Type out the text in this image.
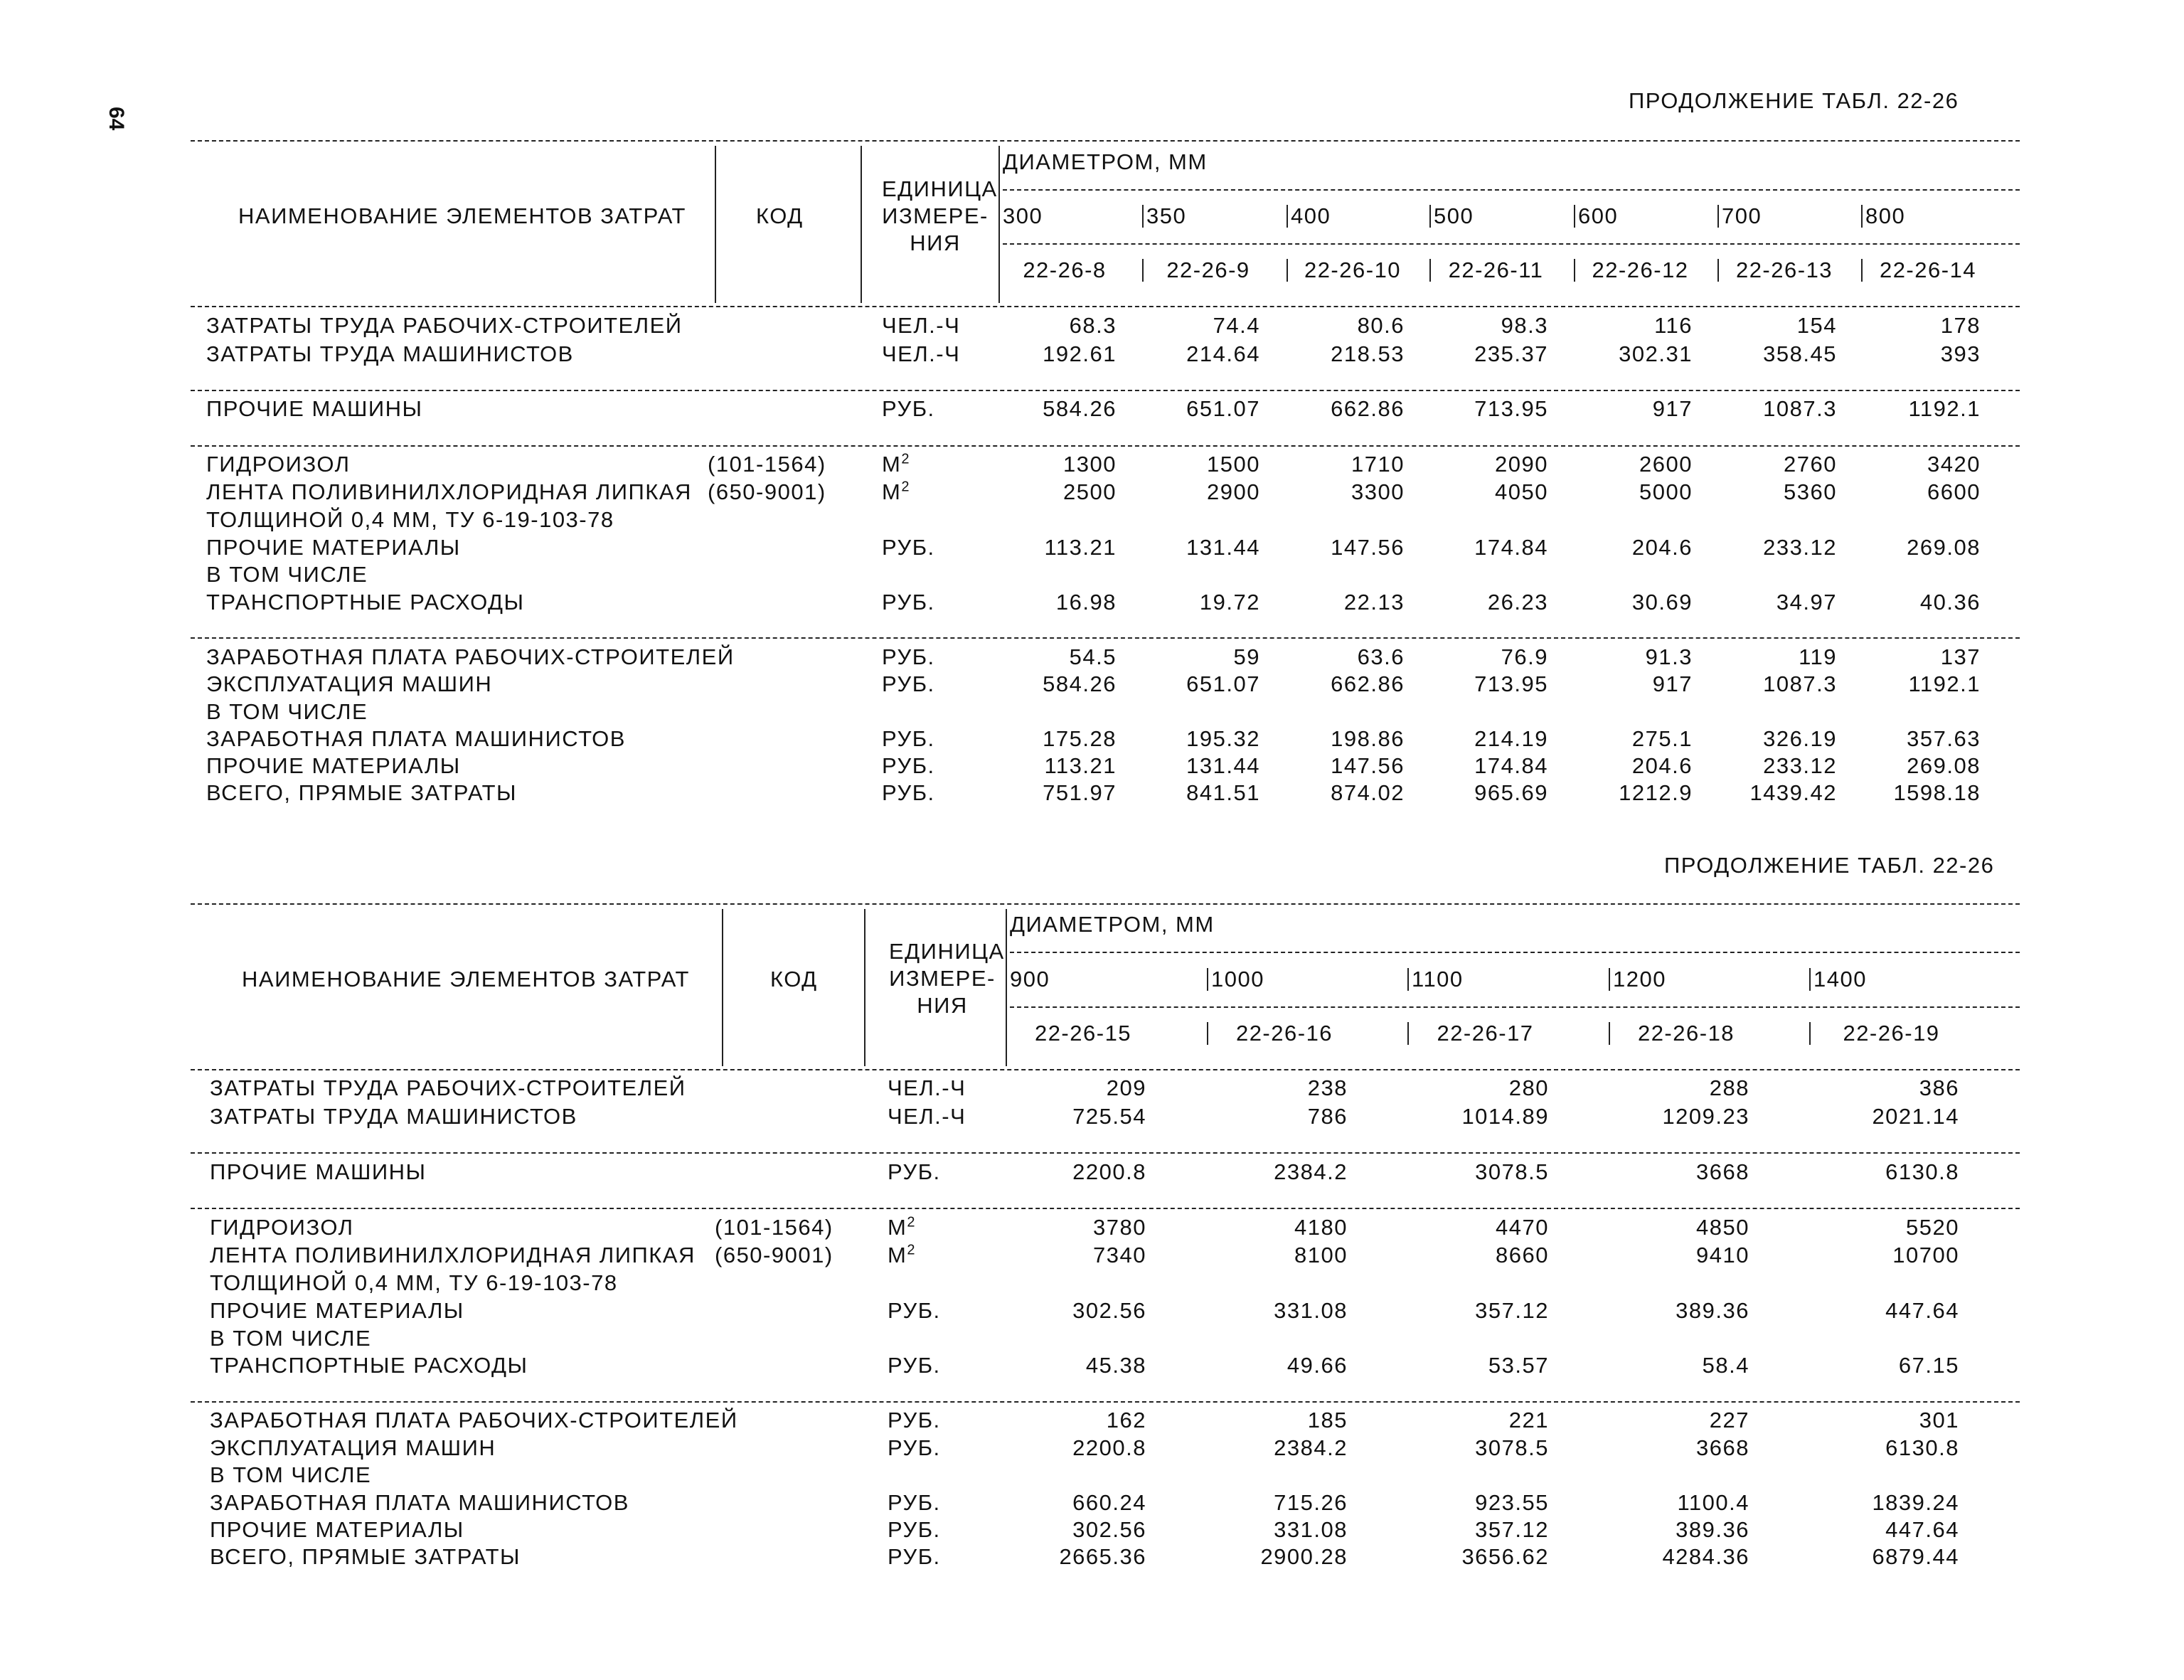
64
ПРОДОЛЖЕНИЕ ТАБЛ. 22-26
НАИМЕНОВАНИЕ ЭЛЕМЕНТОВ ЗАТРАТ	КОД
ЕДИНИЦА
ИЗМЕРЕ-
НИЯ
ДИАМЕТРОМ, ММ
300	350	400	500	600	700	800
22-26-8	22-26-9	22-26-10	22-26-11	22-26-12	22-26-13	22-26-14
ЗАТРАТЫ ТРУДА РАБОЧИХ-СТРОИТЕЛЕЙ	ЧЕЛ.-Ч	68.3	74.4	80.6	98.3	116	154	178
ЗАТРАТЫ ТРУДА МАШИНИСТОВ	ЧЕЛ.-Ч	192.61	214.64	218.53	235.37	302.31	358.45	393
ПРОЧИЕ МАШИНЫ	РУБ.	584.26	651.07	662.86	713.95	917	1087.3	1192.1
ГИДРОИЗОЛ	(101-1564)	$М^2$	1300	1500	1710	2090	2600	2760	3420
ЛЕНТА ПОЛИВИНИЛХЛОРИДНАЯ ЛИПКАЯ (650-9001)	$М^2$	2500	2900	3300	4050	5000	5360	6600
ТОЛЩИНОЙ 0,4 ММ, ТУ 6-19-103-78
ПРОЧИЕ МАТЕРИАЛЫ	РУБ.	113.21	131.44	147.56	174.84	204.6	233.12	269.08
В ТОМ ЧИСЛЕ
ТРАНСПОРТНЫЕ РАСХОДЫ	РУБ.	16.98	19.72	22.13	26.23	30.69	34.97	40.36
ЗАРАБОТНАЯ ПЛАТА РАБОЧИХ-СТРОИТЕЛЕЙ	РУБ.	54.5	59	63.6	76.9	91.3	119	137
ЭКСПЛУАТАЦИЯ МАШИН	РУБ.	584.26	651.07	662.86	713.95	917	1087.3	1192.1
В ТОМ ЧИСЛЕ
ЗАРАБОТНАЯ ПЛАТА МАШИНИСТОВ	РУБ.	175.28	195.32	198.86	214.19	275.1	326.19	357.63
ПРОЧИЕ МАТЕРИАЛЫ	РУБ.	113.21	131.44	147.56	174.84	204.6	233.12	269.08
ВСЕГО, ПРЯМЫЕ ЗАТРАТЫ	РУБ.	751.97	841.51	874.02	965.69	1212.9	1439.42	1598.18
ПРОДОЛЖЕНИЕ ТАБЛ. 22-26
НАИМЕНОВАНИЕ ЭЛЕМЕНТОВ ЗАТРАТ	КОД
ЕДИНИЦА
ИЗМЕРЕ-
НИЯ
ДИАМЕТРОМ, ММ
900	1000	1100	1200	1400
22-26-15	22-26-16	22-26-17	22-26-18	22-26-19
ЗАТРАТЫ ТРУДА РАБОЧИХ-СТРОИТЕЛЕЙ	ЧЕЛ.-Ч	209	238	280	288	386
ЗАТРАТЫ ТРУДА МАШИНИСТОВ	ЧЕЛ.-Ч	725.54	786	1014.89	1209.23	2021.14
ПРОЧИЕ МАШИНЫ	РУБ.	2200.8	2384.2	3078.5	3668	6130.8
ГИДРОИЗОЛ	(101-1564) $М^2$	3780	4180	4470	4850	5520
ЛЕНТА ПОЛИВИНИЛХЛОРИДНАЯ ЛИПКАЯ (650-9001) $М^2$	7340	8100	8660	9410	10700
ТОЛЩИНОЙ 0,4 ММ, ТУ 6-19-103-78
ПРОЧИЕ МАТЕРИАЛЫ	РУБ.	302.56	331.08	357.12	389.36	447.64
В ТОМ ЧИСЛЕ
ТРАНСПОРТНЫЕ РАСХОДЫ	РУБ.	45.38	49.66	53.57	58.4	67.15
ЗАРАБОТНАЯ ПЛАТА РАБОЧИХ-СТРОИТЕЛЕЙ	РУБ.	162	185	221	227	301
ЭКСПЛУАТАЦИЯ МАШИН	РУБ.	2200.8	2384.2	3078.5	3668	6130.8
В ТОМ ЧИСЛЕ
ЗАРАБОТНАЯ ПЛАТА МАШИНИСТОВ	РУБ.	660.24	715.26	923.55	1100.4	1839.24
ПРОЧИЕ МАТЕРИАЛЫ	РУБ.	302.56	331.08	357.12	389.36	447.64
ВСЕГО, ПРЯМЫЕ ЗАТРАТЫ	РУБ.	2665.36	2900.28	3656.62	4284.36	6879.44
